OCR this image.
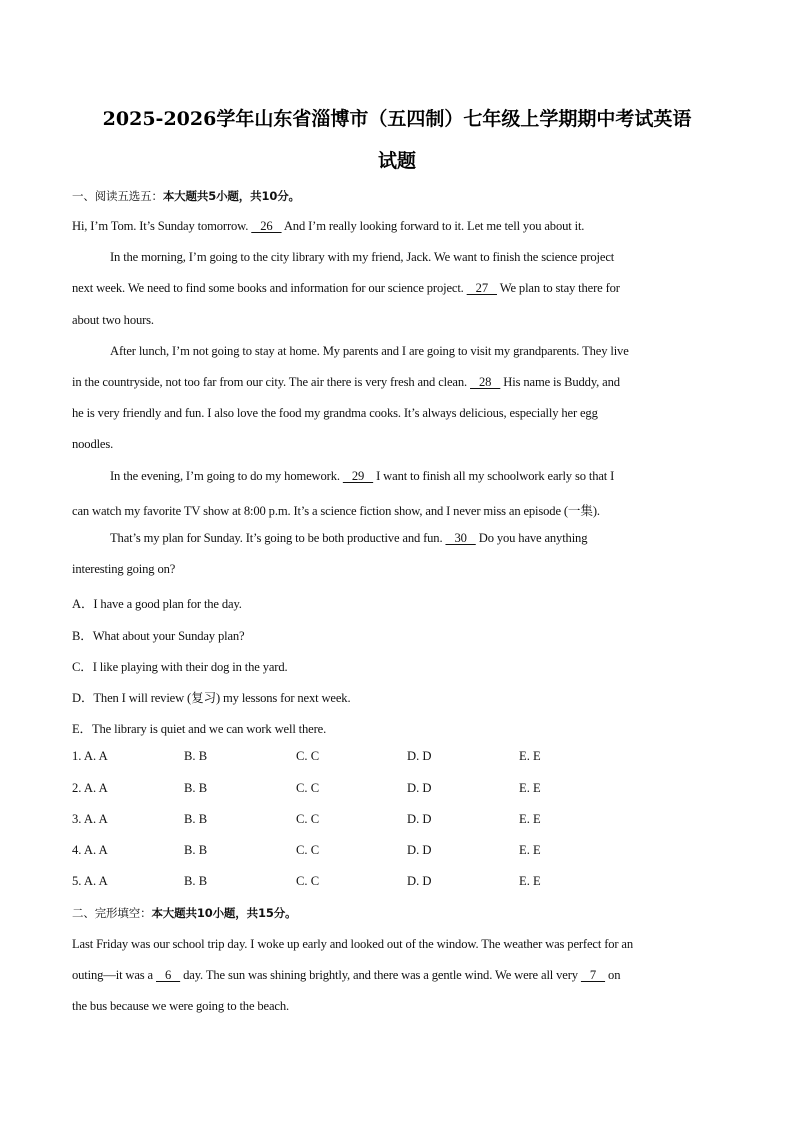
2025-2026学年山东省淄博市（五四制）七年级上学期期中考试英语
试题
一、阅读五选五：本大题共5小题，共10分。
Hi, I’m Tom. It’s Sunday tomorrow.    26    And I’m really looking forward to it. Let me tell you about it.
In the morning, I’m going to the city library with my friend, Jack. We want to finish the science project
next week. We need to find some books and information for our science project.    27    We plan to stay there for
about two hours.
After lunch, I’m not going to stay at home. My parents and I are going to visit my grandparents. They live
in the countryside, not too far from our city. The air there is very fresh and clean.    28    His name is Buddy, and
he is very friendly and fun. I also love the food my grandma cooks. It’s always delicious, especially her egg
noodles.
In the evening, I’m going to do my homework.    29    I want to finish all my schoolwork early so that I
can watch my favorite TV show at 8:00 p.m. It’s a science fiction show, and I never miss an episode (一集).
That’s my plan for Sunday. It’s going to be both productive and fun.    30    Do you have anything
interesting going on?
A．I have a good plan for the day.
B．What about your Sunday plan?
C．I like playing with their dog in the yard.
D．Then I will review (复习) my lessons for next week.
E．The library is quiet and we can work well there.
1. A. A	B. B	C. C	D. D	E. E
2. A. A	B. B	C. C	D. D	E. E
3. A. A	B. B	C. C	D. D	E. E
4. A. A	B. B	C. C	D. D	E. E
5. A. A	B. B	C. C	D. D	E. E
二、完形填空：本大题共10小题，共15分。
Last Friday was our school trip day. I woke up early and looked out of the window. The weather was perfect for an
outing—it was a    6    day. The sun was shining brightly, and there was a gentle wind. We were all very    7    on
the bus because we were going to the beach.
